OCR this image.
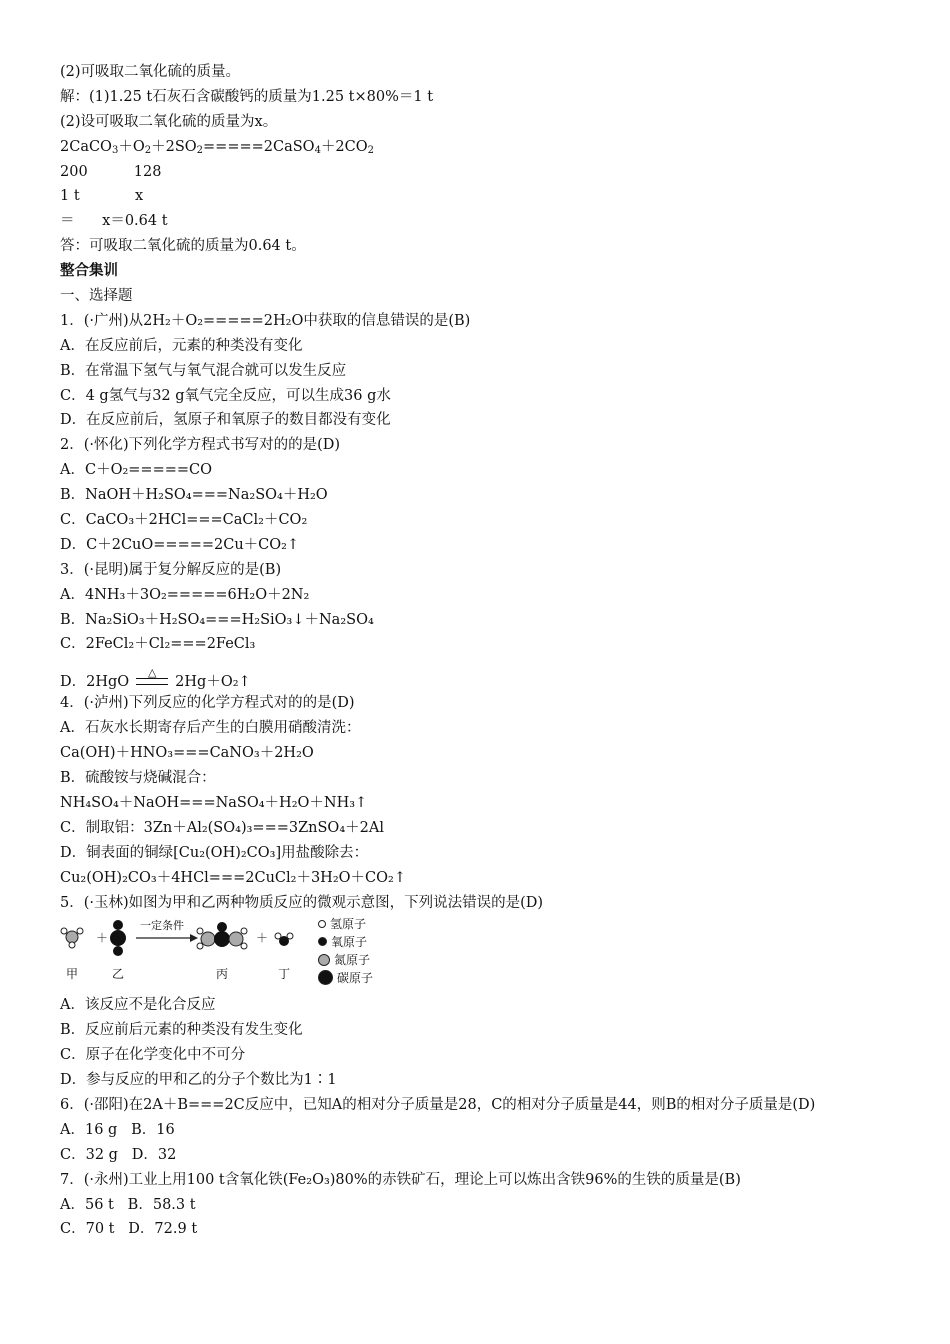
(2)可吸取二氧化硫的质量。
解：(1)1.25 t石灰石含碳酸钙的质量为1.25 t×80%＝1 t
(2)设可吸取二氧化硫的质量为x。
$2CaCO_3+O_2+2SO_2=====2CaSO_4+2CO_2$
200          128
1 t            x
＝      x＝0.64 t
答：可吸取二氧化硫的质量为0.64 t。
整合集训
一、选择题
1．(·广州)从2H₂＋O₂=====2H₂O中获取的信息错误的是(B)
A．在反应前后，元素的种类没有变化
B．在常温下氢气与氧气混合就可以发生反应
C．4 g氢气与32 g氧气完全反应，可以生成36 g水
D．在反应前后，氢原子和氧原子的数目都没有变化
2．(·怀化)下列化学方程式书写对的的是(D)
A．C＋O₂=====CO
B．NaOH＋H₂SO₄===Na₂SO₄＋H₂O
C．CaCO₃＋2HCl===CaCl₂＋CO₂
D．C＋2CuO=====2Cu＋CO₂↑
3．(·昆明)属于复分解反应的是(B)
A．4NH₃＋3O₂=====6H₂O＋2N₂
B．Na₂SiO₃＋H₂SO₄===H₂SiO₃↓＋Na₂SO₄
C．2FeCl₂＋Cl₂===2FeCl₃
D．2HgO
△
2Hg＋O₂↑
4．(·泸州)下列反应的化学方程式对的的是(D)
A．石灰水长期寄存后产生的白膜用硝酸清洗：
Ca(OH)＋HNO₃===CaNO₃＋2H₂O
B．硫酸铵与烧碱混合：
NH₄SO₄＋NaOH===NaSO₄＋H₂O＋NH₃↑
C．制取铝：3Zn＋Al₂(SO₄)₃===3ZnSO₄＋2Al
D．铜表面的铜绿[Cu₂(OH)₂CO₃]用盐酸除去：
Cu₂(OH)₂CO₃＋4HCl===2CuCl₂＋3H₂O＋CO₂↑
5．(·玉林)如图为甲和乙两种物质反应的微观示意图，下列说法错误的是(D)
＋
一定条件
＋
甲	乙	丙	丁
氢原子
氧原子
氮原子
碳原子
A．该反应不是化合反应
B．反应前后元素的种类没有发生变化
C．原子在化学变化中不可分
D．参与反应的甲和乙的分子个数比为1∶1
6．(·邵阳)在2A＋B===2C反应中，已知A的相对分子质量是28，C的相对分子质量是44，则B的相对分子质量是(D)
A．16 g   B．16
C．32 g   D．32
7．(·永州)工业上用100 t含氧化铁(Fe₂O₃)80%的赤铁矿石，理论上可以炼出含铁96%的生铁的质量是(B)
A．56 t   B．58.3 t
C．70 t   D．72.9 t
